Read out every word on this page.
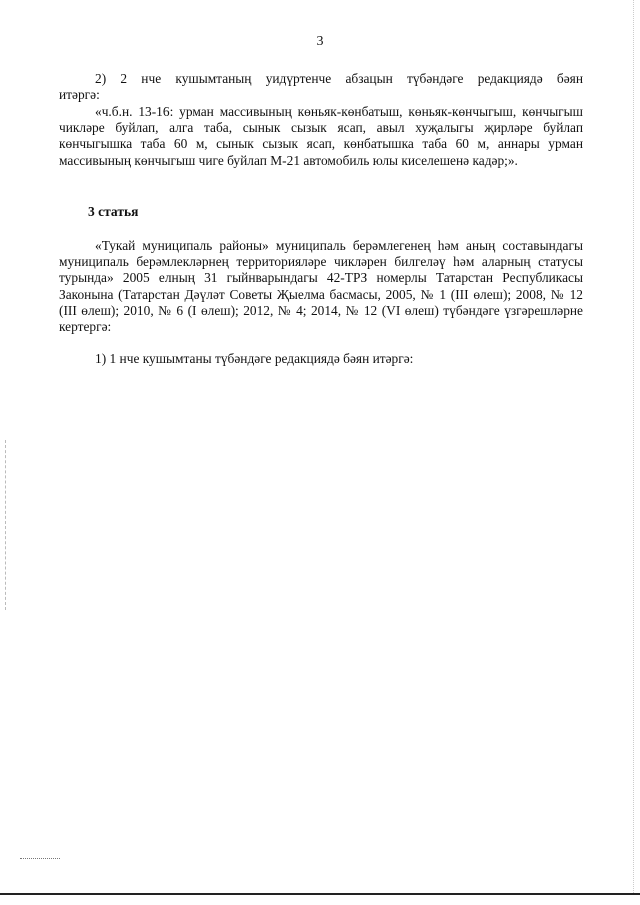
3
2) 2 нче кушымтаның уидүртенче абзацын түбәндәге редакциядә бәян
итәргә:

«ч.б.н. 13-16: урман массивының көньяк-көнбатыш, көньяк-көнчыгыш, көнчыгыш чикләре буйлап, алга таба, сынык сызык ясап, авыл хуҗалыгы җирләре буйлап көнчыгышка таба 60 м, сынык сызык ясап, көнбатышка таба 60 м, аннары урман массивының көнчыгыш чиге буйлап М-21 автомобиль юлы киселешенә кадәр;».

3 статья

«Тукай муниципаль районы» муниципаль берәмлегенең һәм аның составындагы муниципаль берәмлекләрнең территорияләре чикләрен билгеләү һәм аларның статусы турында» 2005 елның 31 гыйнварындагы 42-ТРЗ номерлы Татарстан Республикасы Законына (Татарстан Дәүләт Советы Җыелма басмасы, 2005, № 1 (III өлеш); 2008, № 12 (III өлеш); 2010, № 6 (I өлеш); 2012, № 4; 2014, № 12 (VI өлеш) түбәндәге үзгәрешләрне кертергә:

1) 1 нче кушымтаны түбәндәге редакциядә бәян итәргә:
